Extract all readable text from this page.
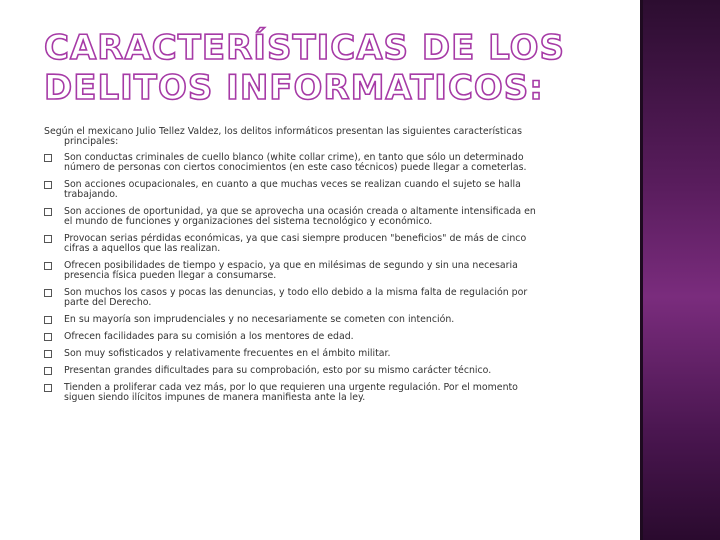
CARACTERÍSTICAS DE LOS DELITOS INFORMATICOS:

Según el mexicano Julio Tellez Valdez, los delitos informáticos presentan las siguientes características
principales:

Son conductas criminales de cuello blanco (white collar crime), en tanto que sólo un determinado
número de personas con ciertos conocimientos (en este caso técnicos) puede llegar a cometerlas.
Son acciones ocupacionales, en cuanto a que muchas veces se realizan cuando el sujeto se halla
trabajando.
Son acciones de oportunidad, ya que se aprovecha una ocasión creada o altamente intensificada en
el mundo de funciones y organizaciones del sistema tecnológico y económico.
Provocan serias pérdidas económicas, ya que casi siempre producen "beneficios" de más de cinco
cifras a aquellos que las realizan.
Ofrecen posibilidades de tiempo y espacio, ya que en milésimas de segundo y sin una necesaria
presencia física pueden llegar a consumarse.
Son muchos los casos y pocas las denuncias, y todo ello debido a la misma falta de regulación por
parte del Derecho.
En su mayoría son imprudenciales y no necesariamente se cometen con intención.
Ofrecen facilidades para su comisión a los mentores de edad.
Son muy sofisticados y relativamente frecuentes en el ámbito militar.
Presentan grandes dificultades para su comprobación, esto por su mismo carácter técnico.
Tienden a proliferar cada vez más, por lo que requieren una urgente regulación. Por el momento
siguen siendo ilícitos impunes de manera manifiesta ante la ley.
